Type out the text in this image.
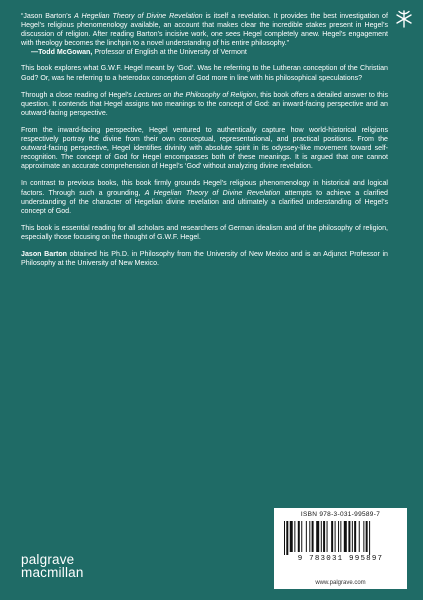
“Jason Barton’s A Hegelian Theory of Divine Revelation is itself a revelation. It provides the best investigation of Hegel’s religious phenomenology available, an account that makes clear the incredible stakes present in Hegel’s discussion of religion. After reading Barton’s incisive work, one sees Hegel completely anew. Hegel’s engagement with theology becomes the linchpin to a novel understanding of his entire philosophy.”
—Todd McGowan, Professor of English at the University of Vermont

This book explores what G.W.F. Hegel meant by ‘God’. Was he referring to the Lutheran conception of the Christian God? Or, was he referring to a heterodox conception of God more in line with his philosophical speculations?

Through a close reading of Hegel’s Lectures on the Philosophy of Religion, this book offers a detailed answer to this question. It contends that Hegel assigns two meanings to the concept of God: an inward-facing perspective and an outward-facing perspective.

From the inward-facing perspective, Hegel ventured to authentically capture how world-historical religions respectively portray the divine from their own conceptual, representational, and practical positions. From the outward-facing perspective, Hegel identifies divinity with absolute spirit in its odyssey-like movement toward self-recognition. The concept of God for Hegel encompasses both of these meanings. It is argued that one cannot approximate an accurate comprehension of Hegel’s ‘God’ without analyzing divine revelation.

In contrast to previous books, this book firmly grounds Hegel’s religious phenomenology in historical and logical factors. Through such a grounding, A Hegelian Theory of Divine Revelation attempts to achieve a clarified understanding of the character of Hegelian divine revelation and ultimately a clarified understanding of Hegel’s concept of God.

This book is essential reading for all scholars and researchers of German idealism and of the philosophy of religion, especially those focusing on the thought of G.W.F. Hegel.

Jason Barton obtained his Ph.D. in Philosophy from the University of New Mexico and is an Adjunct Professor in Philosophy at the University of New Mexico.

palgrave
macmillan
ISBN 978-3-031-99589-7
9 783031 995897
www.palgrave.com
